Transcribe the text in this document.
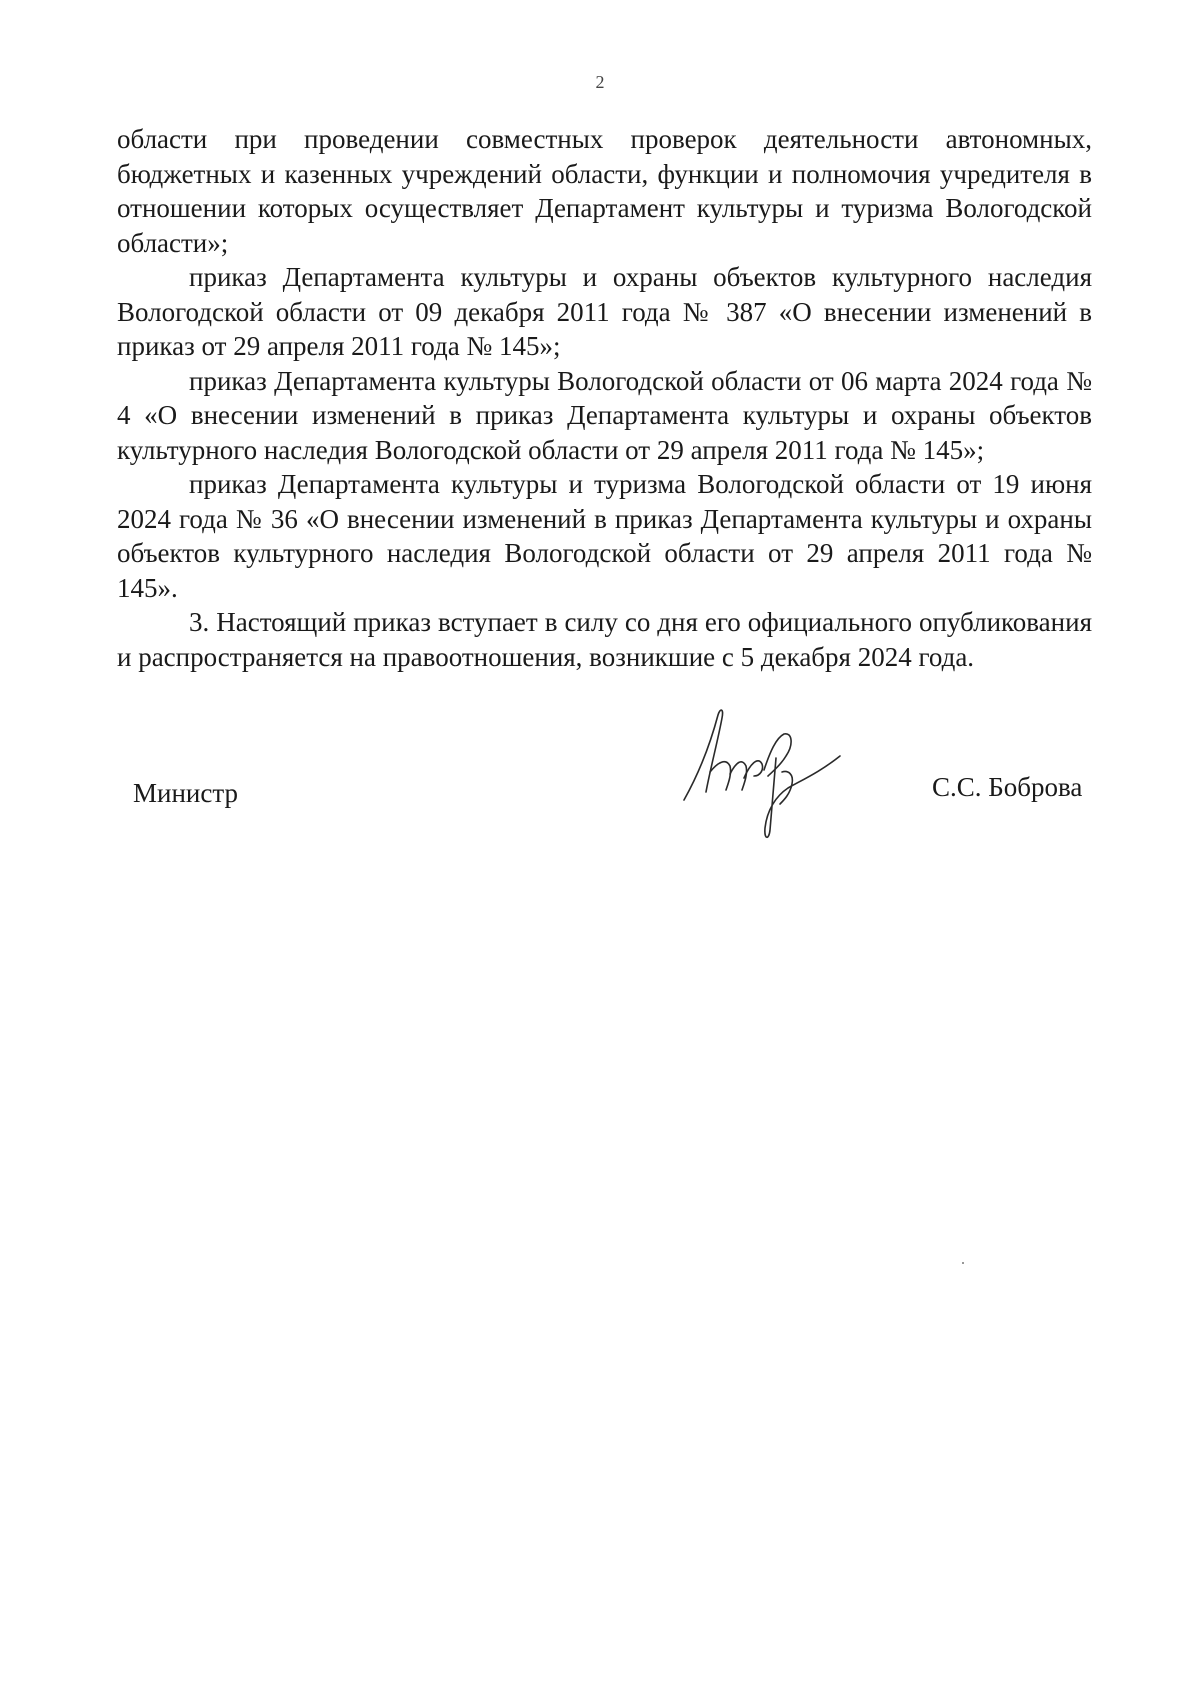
2

области при проведении совместных проверок деятельности автономных, бюджетных и казенных учреждений области, функции и полномочия учредителя в отношении которых осуществляет Департамент культуры и туризма Вологодской области»;

приказ Департамента культуры и охраны объектов культурного наследия Вологодской области от 09 декабря 2011 года № 387 «О внесении изменений в приказ от 29 апреля 2011 года № 145»;

приказ Департамента культуры Вологодской области от 06 марта 2024 года № 4 «О внесении изменений в приказ Департамента культуры и охраны объектов культурного наследия Вологодской области от 29 апреля 2011 года № 145»;

приказ Департамента культуры и туризма Вологодской области от 19 июня 2024 года № 36 «О внесении изменений в приказ Департамента культуры и охраны объектов культурного наследия Вологодской области от 29 апреля 2011 года № 145».

3. Настоящий приказ вступает в силу со дня его официального опубликования и распространяется на правоотношения, возникшие с 5 декабря 2024 года.

Министр	С.С. Боброва
